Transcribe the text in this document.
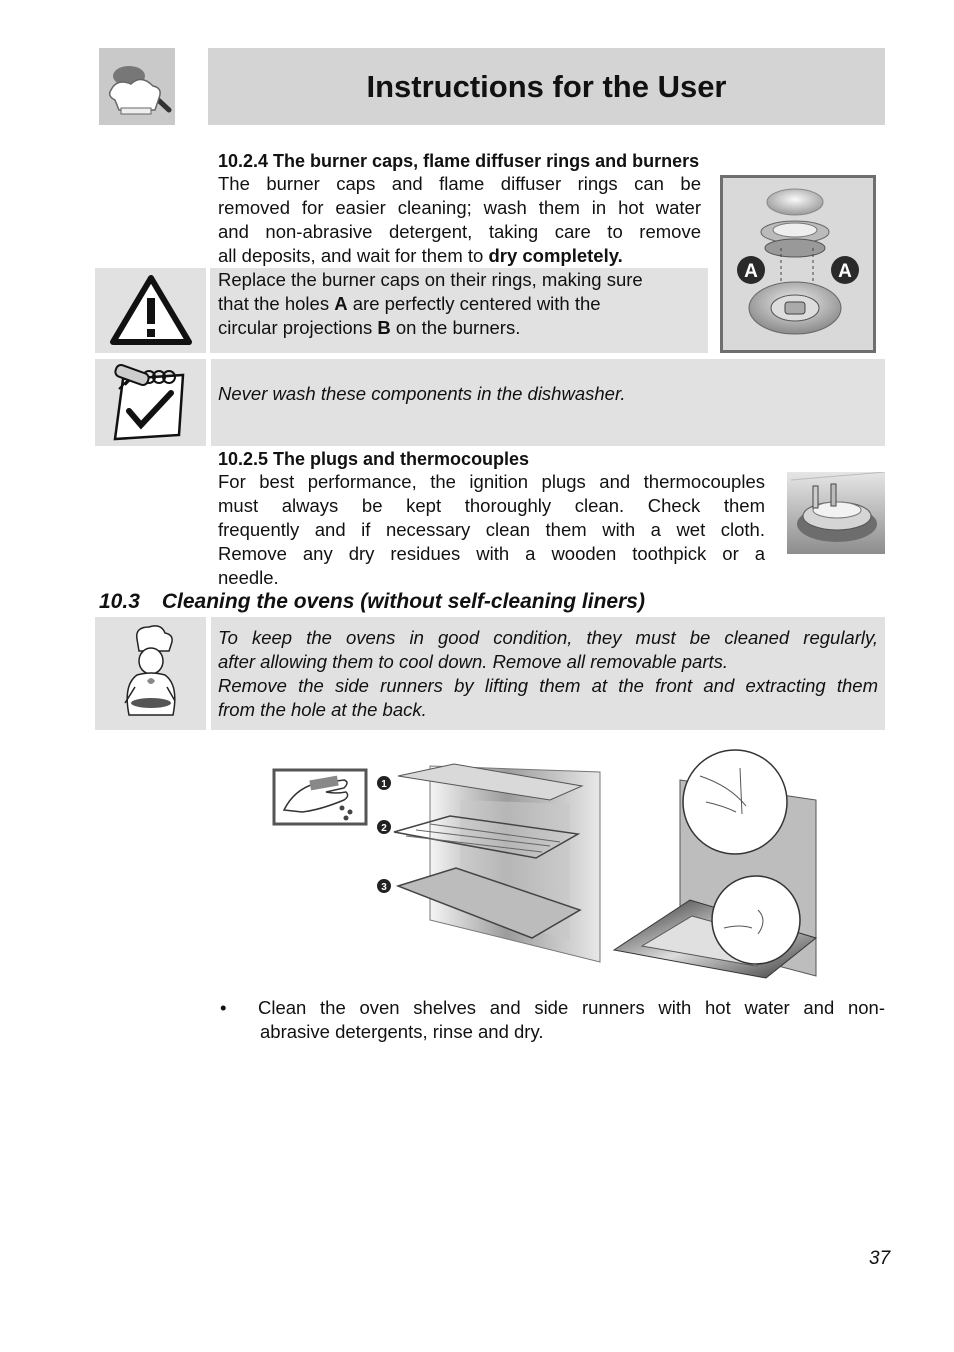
Instructions for the User
10.2.4 The burner caps, flame diffuser rings and burners
The burner caps and flame diffuser rings can be
removed for easier cleaning; wash them in hot water
and non-abrasive detergent, taking care to remove
all deposits, and wait for them to dry completely.
Replace the burner caps on their rings, making sure
that the holes A are perfectly centered with the
circular projections B on the burners.
A	A
Never wash these components in the dishwasher.
10.2.5 The plugs and thermocouples
For best performance, the ignition plugs and thermocouples
must always be kept thoroughly clean. Check them
frequently and if necessary clean them with a wet cloth.
Remove any dry residues with a wooden toothpick or a
needle.
10.3 Cleaning the ovens (without self-cleaning liners)
To keep the ovens in good condition, they must be cleaned regularly,
after allowing them to cool down. Remove all removable parts.
Remove the side runners by lifting them at the front and extracting them
from the hole at the back.
1
2
3
•	Clean the oven shelves and side runners with hot water and non-
abrasive detergents, rinse and dry.
37
